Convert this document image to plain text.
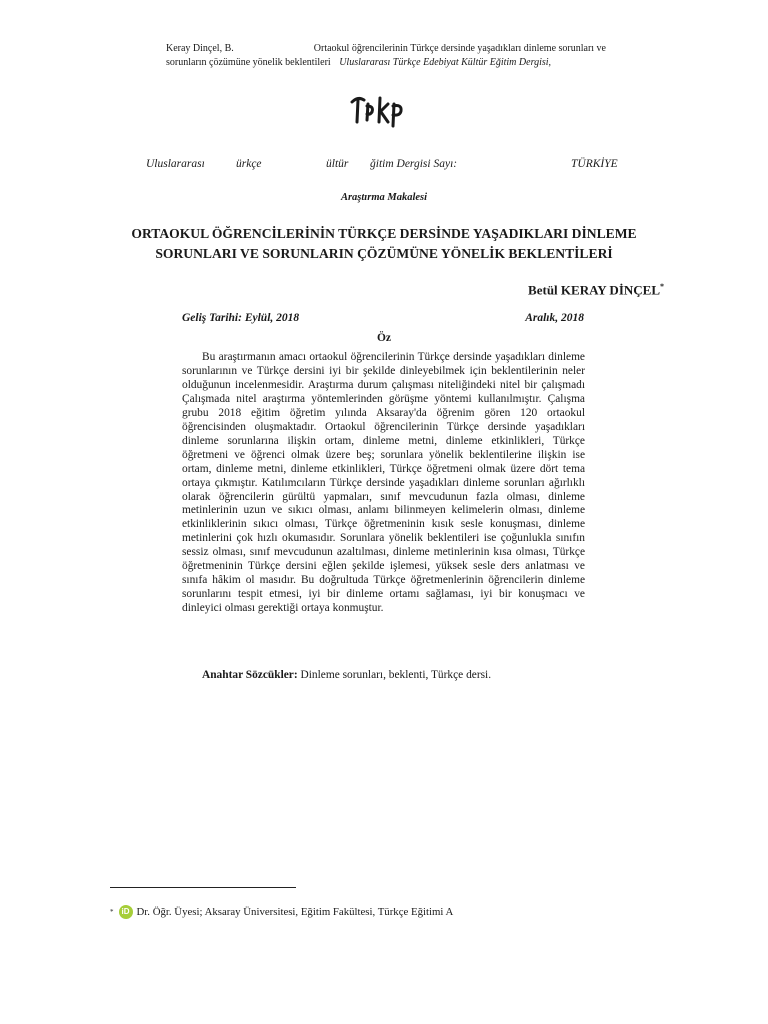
Keray Dinçel, B.	Ortaokul öğrencilerinin Türkçe dersinde yaşadıkları dinleme sorunları ve
sorunların çözümüne yönelik beklentileri Uluslararası Türkçe Edebiyat Kültür Eğitim Dergisi,
Uluslararası	ürkçe	ültür ğitim Dergisi Sayı:	TÜRKİYE
Araştırma Makalesi
ORTAOKUL ÖĞRENCİLERİNİN TÜRKÇE DERSİNDE YAŞADIKLARI DİNLEME
SORUNLARI VE SORUNLARIN ÇÖZÜMÜNE YÖNELİK BEKLENTİLERİ
Betül KERAY DİNÇEL*
Geliş Tarihi: Eylül, 2018	Aralık, 2018
Öz

Bu araştırmanın amacı ortaokul öğrencilerinin Türkçe dersinde yaşadıkları dinleme sorunlarının ve Türkçe dersini iyi bir şekilde dinleyebilmek için beklentilerinin neler olduğunun incelenmesidir. Araştırma durum çalışması niteliğindeki nitel bir çalışmadı Çalışmada nitel araştırma yöntemlerinden görüşme yöntemi kullanılmıştır. Çalışma grubu 2018 eğitim öğretim yılında Aksaray'da öğrenim gören 120 ortaokul öğrencisinden oluşmaktadır. Ortaokul öğrencilerinin Türkçe dersinde yaşadıkları dinleme sorunlarına ilişkin ortam, dinleme metni, dinleme etkinlikleri, Türkçe öğretmeni ve öğrenci olmak üzere beş; sorunlara yönelik beklentilerine ilişkin ise ortam, dinleme metni, dinleme etkinlikleri, Türkçe öğretmeni olmak üzere dört tema ortaya çıkmıştır. Katılımcıların Türkçe dersinde yaşadıkları dinleme sorunları ağırlıklı olarak öğrencilerin gürültü yapmaları, sınıf mevcudunun fazla olması, dinleme metinlerinin uzun ve sıkıcı olması, anlamı bilinmeyen kelimelerin olması, dinleme etkinliklerinin sıkıcı olması, Türkçe öğretmeninin kısık sesle konuşması, dinleme metinlerini çok hızlı okumasıdır. Sorunlara yönelik beklentileri ise çoğunlukla sınıfın sessiz olması, sınıf mevcudunun azaltılması, dinleme metinlerinin kısa olması, Türkçe öğretmeninin Türkçe dersini eğlen şekilde işlemesi, yüksek sesle ders anlatması ve sınıfa hâkim ol masıdır. Bu doğrultuda Türkçe öğretmenlerinin öğrencilerin dinleme sorunlarını tespit etmesi, iyi bir dinleme ortamı sağlaması, iyi bir konuşmacı ve dinleyici olması gerektiği ortaya konmuştur.

Anahtar Sözcükler: Dinleme sorunları, beklenti, Türkçe dersi.
*	iD Dr. Öğr. Üyesi; Aksaray Üniversitesi, Eğitim Fakültesi, Türkçe Eğitimi A
